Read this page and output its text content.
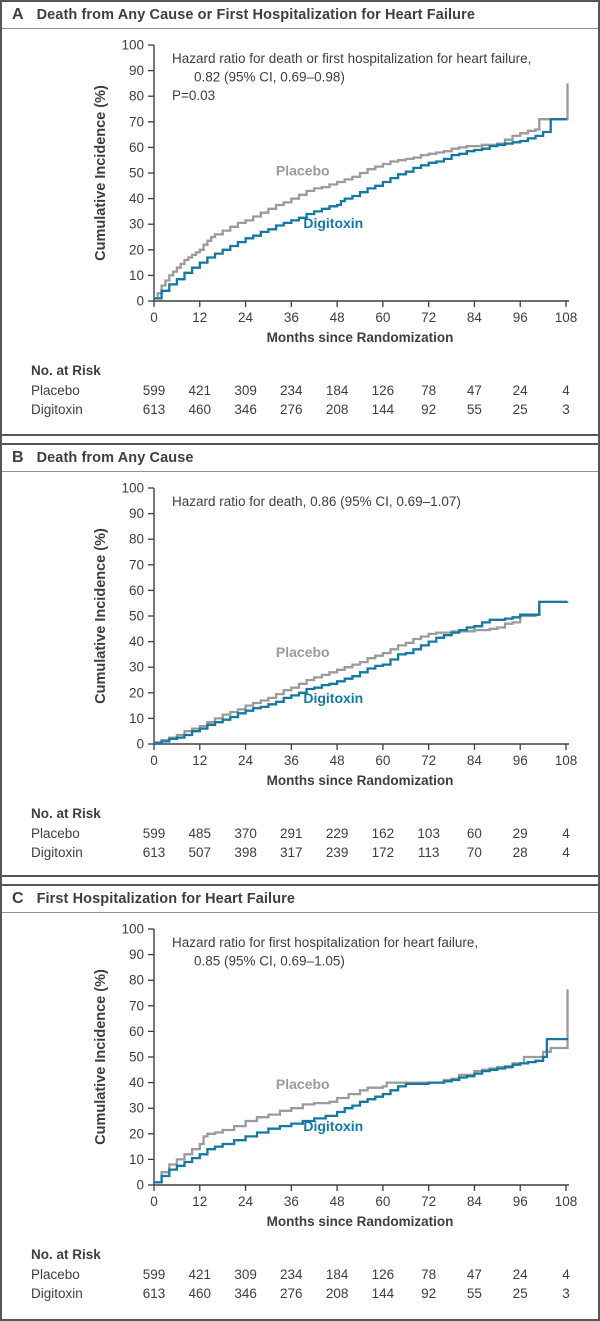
A Death from Any Cause or First Hospitalization for Heart Failure
0
10
20
30
40
50
60
70
80
90
100
0	12 24 36 48 60 72 84 96 108
Months since Randomization
Cumulative Incidence (%)
Hazard ratio for death or first hospitalization for heart failure,
0.82 (95% CI, 0.69–0.98)
P=0.03
Placebo
Digitoxin
No. at Risk
Placebo	599 421 309 234 184 126 78 47 24	4
Digitoxin	613 460 346 276 208 144 92 55 25	3
B Death from Any Cause
0
10
20
30
40
50
60
70
80
90
100
0	12 24 36 48 60 72 84 96 108
Months since Randomization
Cumulative Incidence (%)
Hazard ratio for death, 0.86 (95% CI, 0.69–1.07)
Placebo
Digitoxin
No. at Risk
Placebo	599 485 370 291 229 162 103 60 29	4
Digitoxin	613 507 398 317 239 172 113 70 28	4
C First Hospitalization for Heart Failure
0
10
20
30
40
50
60
70
80
90
100
0	12 24 36 48 60 72 84 96 108
Months since Randomization
Cumulative Incidence (%)
Hazard ratio for first hospitalization for heart failure,
0.85 (95% CI, 0.69–1.05)
Placebo
Digitoxin
No. at Risk
Placebo	599 421 309 234 184 126 78 47 24	4
Digitoxin	613 460 346 276 208 144 92 55 25	3
